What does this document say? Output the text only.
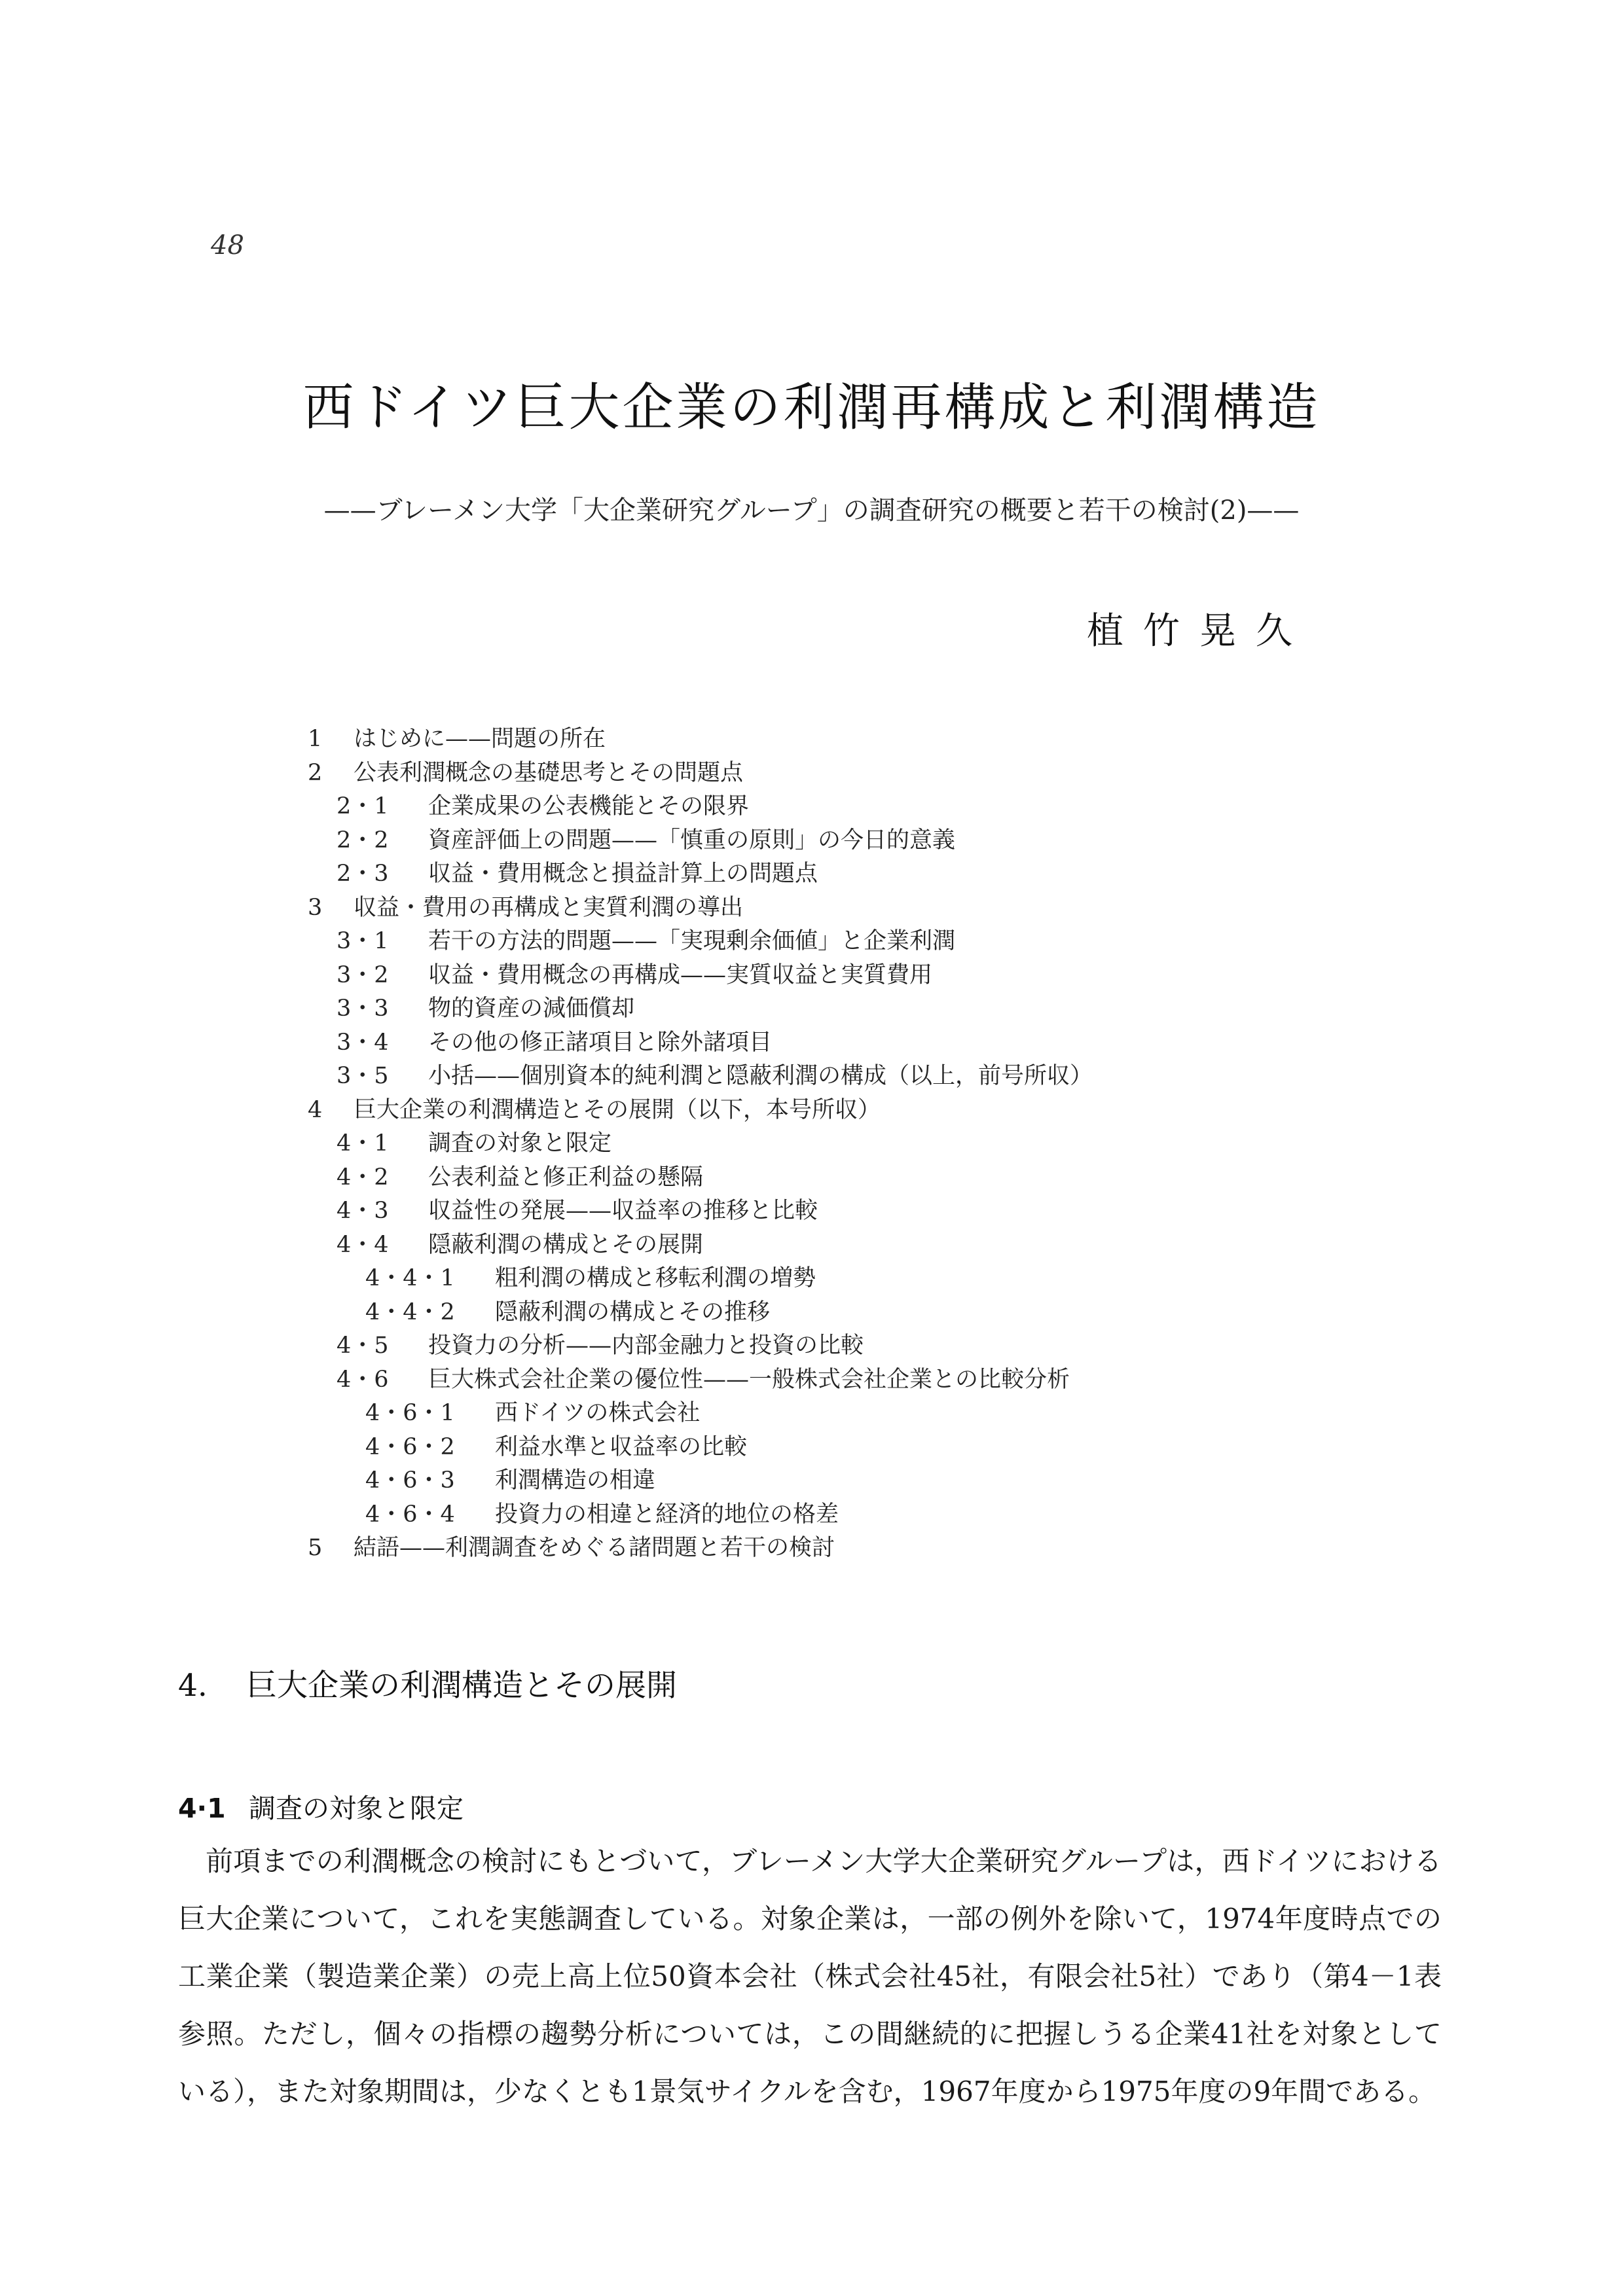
48
西ドイツ巨大企業の利潤再構成と利潤構造
——ブレーメン大学「大企業研究グループ」の調査研究の概要と若干の検討(2)——
植竹晃久
1	はじめに——問題の所在
2	公表利潤概念の基礎思考とその問題点
2・1	企業成果の公表機能とその限界
2・2	資産評価上の問題——「慎重の原則」の今日的意義
2・3	収益・費用概念と損益計算上の問題点
3	収益・費用の再構成と実質利潤の導出
3・1	若干の方法的問題——「実現剰余価値」と企業利潤
3・2	収益・費用概念の再構成——実質収益と実質費用
3・3	物的資産の減価償却
3・4	その他の修正諸項目と除外諸項目
3・5	小括——個別資本的純利潤と隠蔽利潤の構成（以上，前号所収）
4	巨大企業の利潤構造とその展開（以下，本号所収）
4・1	調査の対象と限定
4・2	公表利益と修正利益の懸隔
4・3	収益性の発展——収益率の推移と比較
4・4	隠蔽利潤の構成とその展開
4・4・1	粗利潤の構成と移転利潤の増勢
4・4・2	隠蔽利潤の構成とその推移
4・5	投資力の分析——内部金融力と投資の比較
4・6	巨大株式会社企業の優位性——一般株式会社企業との比較分析
4・6・1	西ドイツの株式会社
4・6・2	利益水準と収益率の比較
4・6・3	利潤構造の相違
4・6・4	投資力の相違と経済的地位の格差
5	結語——利潤調査をめぐる諸問題と若干の検討
4. 巨大企業の利潤構造とその展開
4·1 調査の対象と限定

前項までの利潤概念の検討にもとづいて，ブレーメン大学大企業研究グループは，西ドイツにおける巨大企業について，これを実態調査している。対象企業は，一部の例外を除いて，1974年度時点での工業企業（製造業企業）の売上高上位50資本会社（株式会社45社，有限会社5社）であり（第4－1表参照。ただし，個々の指標の趨勢分析については，この間継続的に把握しうる企業41社を対象としている），また対象期間は，少なくとも1景気サイクルを含む，1967年度から1975年度の9年間である。
